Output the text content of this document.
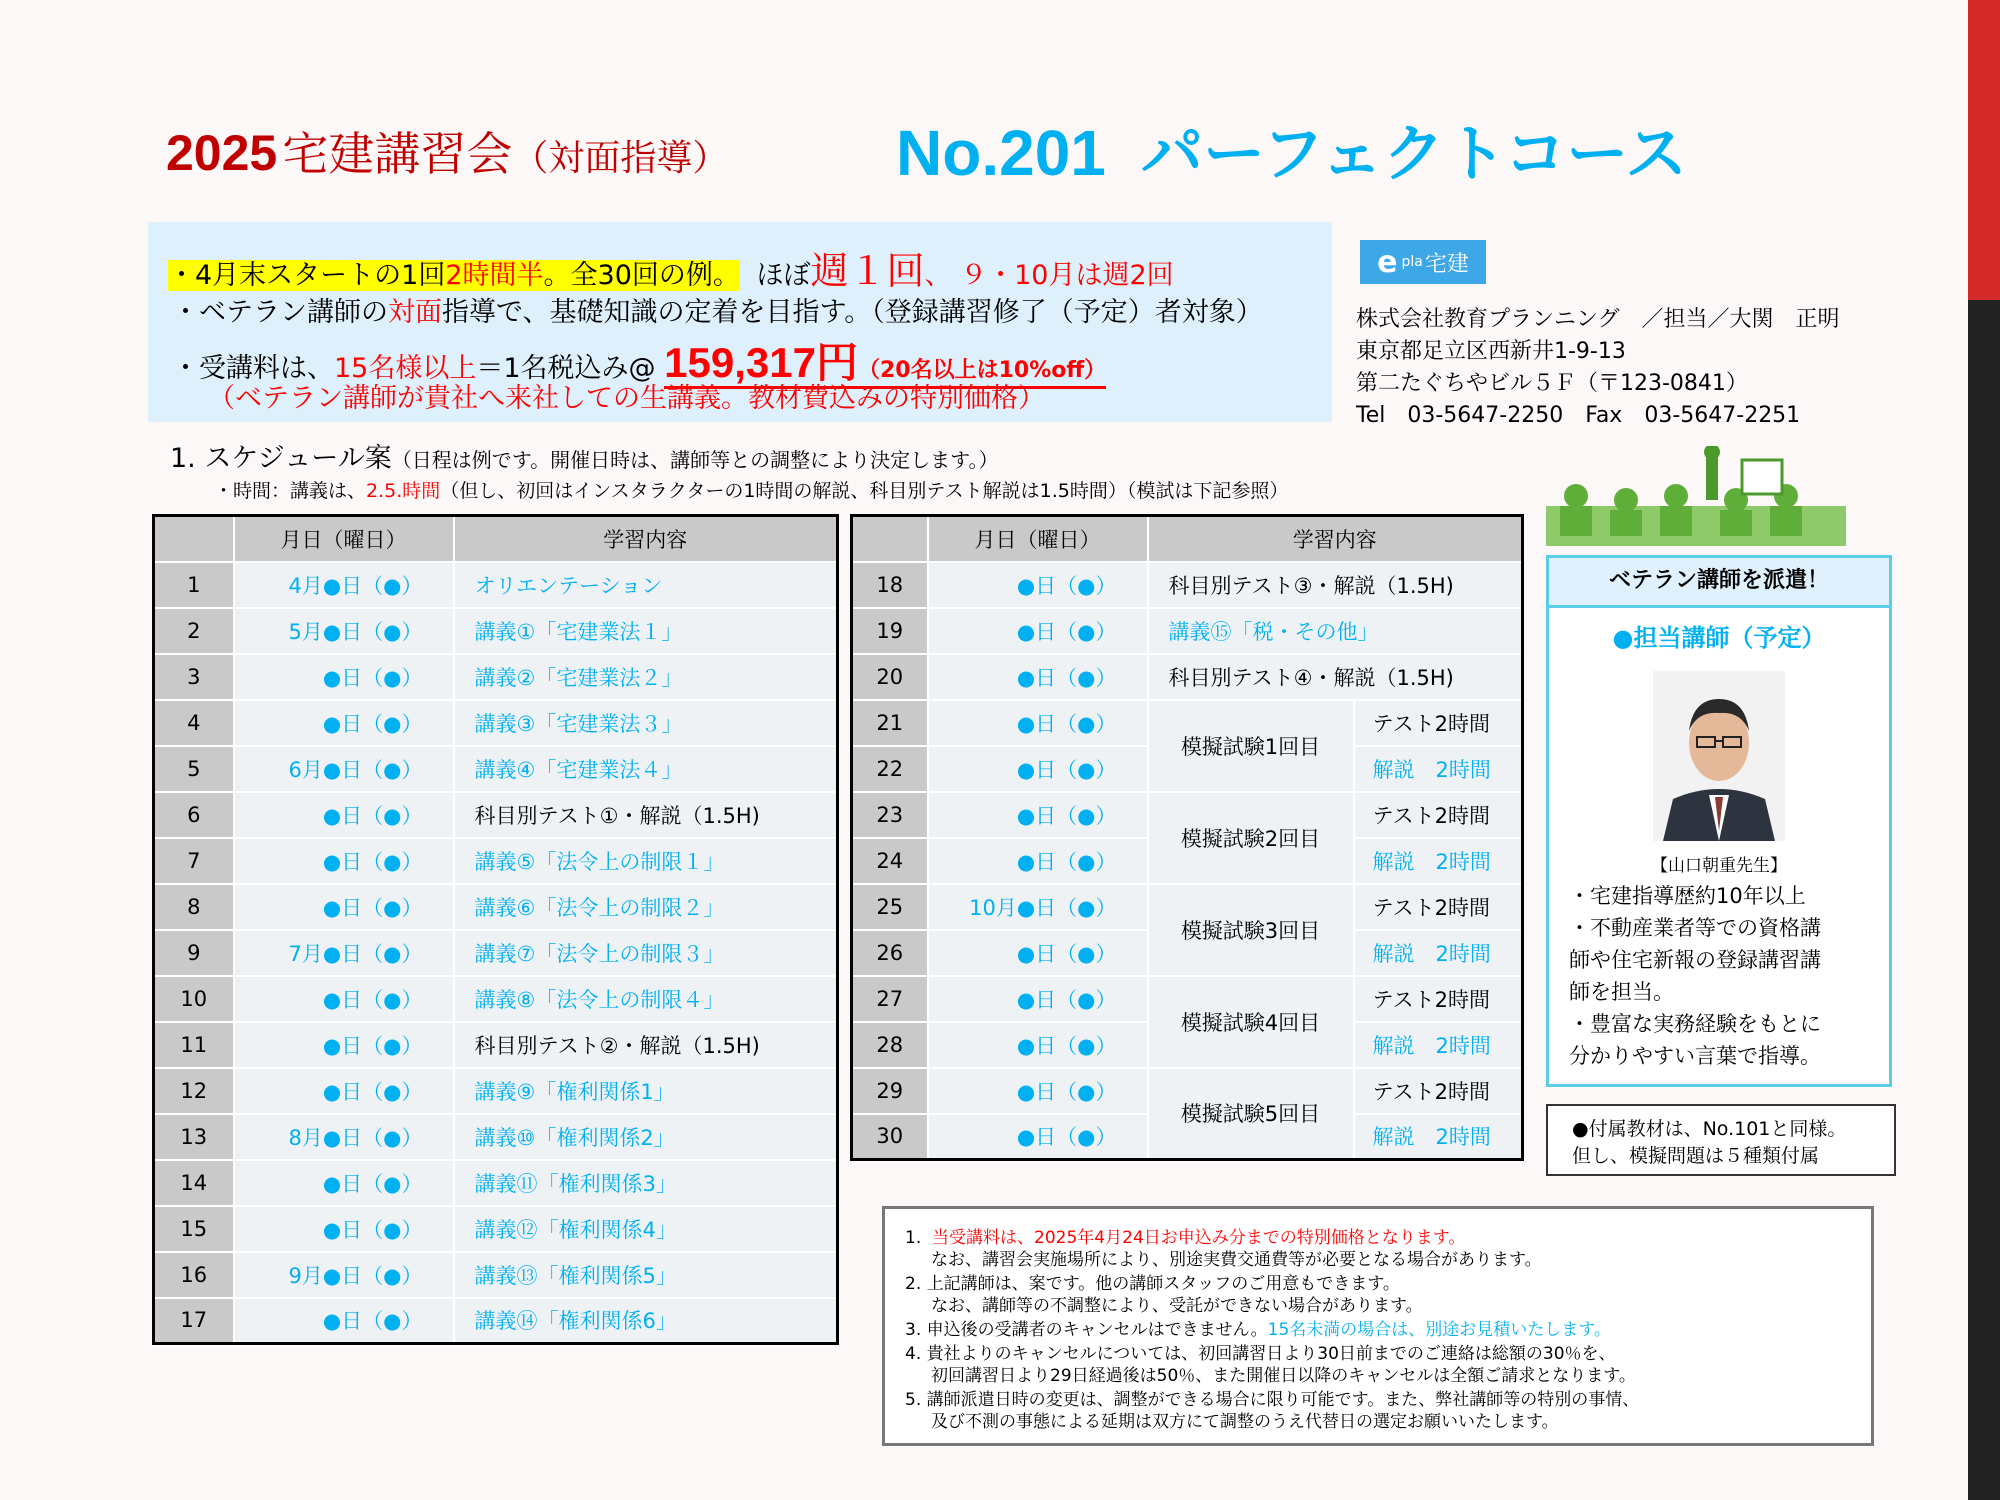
2025 宅建講習会（対面指導）	No.201 パーフェクトコース
・4月末スタートの1回2時間半。全30回の例。 ほぼ週１回、 ９・10月は週2回
・ベテラン講師の対面指導で、基礎知識の定着を目指す。（登録講習修了（予定）者対象）
・受講料は、15名様以上＝1名税込み@ 159,317円（20名以上は10%off）
（ベテラン講師が貴社へ来社しての生講義。教材費込みの特別価格）
e pla 宅建
株式会社教育プランニング　／担当／大関　正明
東京都足立区西新井1-9-13
第二たぐちやビル５Ｆ（〒123-0841）
Tel　03-5647-2250　Fax　03-5647-2251
1. スケジュール案（日程は例です。開催日時は、講師等との調整により決定します。）
・時間：講義は、2.5.時間（但し、初回はインスタラクターの1時間の解説、科目別テスト解説は1.5時間）（模試は下記参照）
	月日（曜日）	学習内容
1	4月●日（●）	オリエンテーション
2	5月●日（●）	講義①「宅建業法１」
3	●日（●）	講義②「宅建業法２」
4	●日（●）	講義③「宅建業法３」
5	6月●日（●）	講義④「宅建業法４」
6	●日（●）	科目別テスト①・解説（1.5H)
7	●日（●）	講義⑤「法令上の制限１」
8	●日（●）	講義⑥「法令上の制限２」
9	7月●日（●）	講義⑦「法令上の制限３」
10	●日（●）	講義⑧「法令上の制限４」
11	●日（●）	科目別テスト②・解説（1.5H)
12	●日（●）	講義⑨「権利関係1」
13	8月●日（●）	講義⑩「権利関係2」
14	●日（●）	講義⑪「権利関係3」
15	●日（●）	講義⑫「権利関係4」
16	9月●日（●）	講義⑬「権利関係5」
17	●日（●）	講義⑭「権利関係6」
	月日（曜日）	学習内容	
18	●日（●）	科目別テスト③・解説（1.5H)	
19	●日（●）	講義⑮「税・その他」	
20	●日（●）	科目別テスト④・解説（1.5H)	
21	●日（●）	模擬試験1回目	テスト2時間
22	●日（●）		解説　2時間
23	●日（●）	模擬試験2回目	テスト2時間
24	●日（●）		解説　2時間
25	10月●日（●）	模擬試験3回目	テスト2時間
26	●日（●）		解説　2時間
27	●日（●）	模擬試験4回目	テスト2時間
28	●日（●）		解説　2時間
29	●日（●）	模擬試験5回目	テスト2時間
30	●日（●）		解説　2時間
ベテラン講師を派遣！
●担当講師（予定）
【山口朝重先生】
・宅建指導歴約10年以上
・不動産業者等での資格講
師や住宅新報の登録講習講
師を担当。
・豊富な実務経験をもとに
分かりやすい言葉で指導。
●付属教材は、No.101と同様。
但し、模擬問題は５種類付属
1. 当受講料は、2025年4月24日お申込み分までの特別価格となります。
なお、講習会実施場所により、別途実費交通費等が必要となる場合があります。
2. 上記講師は、案です。他の講師スタッフのご用意もできます。
なお、講師等の不調整により、受託ができない場合があります。
3. 申込後の受講者のキャンセルはできません。15名未満の場合は、別途お見積いたします。
4. 貴社よりのキャンセルについては、初回講習日より30日前までのご連絡は総額の30％を、
初回講習日より29日経過後は50％、また開催日以降のキャンセルは全額ご請求となります。
5. 講師派遣日時の変更は、調整ができる場合に限り可能です。また、弊社講師等の特別の事情、
及び不測の事態による延期は双方にて調整のうえ代替日の選定お願いいたします。
